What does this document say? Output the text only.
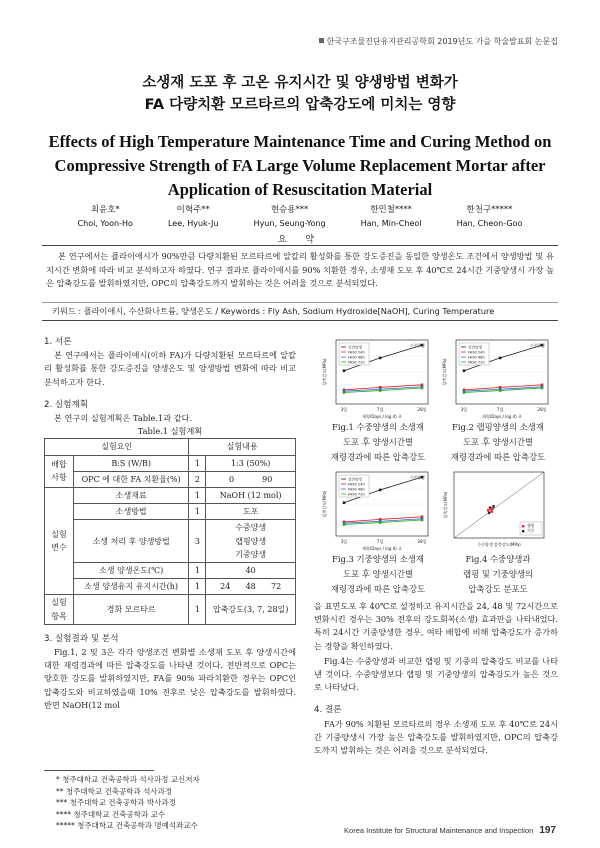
한국구조물진단유지관리공학회 2019년도 가을 학술발표회 논문집
소생재 도포 후 고온 유지시간 및 양생방법 변화가
FA 다량치환 모르타르의 압축강도에 미치는 영향
Effects of High Temperature Maintenance Time and Curing Method on
Compressive Strength of FA Large Volume Replacement Mortar after
Application of Resuscitation Material
최윤호*
Choi, Yoon-Ho
이혁주**
Lee, Hyuk-Ju
현승용***
Hyun, Seung-Yong
한민철****
Han, Min-Cheol
한천구*****
Han, Cheon-Goo
요 약
본 연구에서는 플라이애시가 90%만큼 다량치환된 모르타르에 알칼리 활성화를 통한 강도증진을 동일한 양생온도 조건에서 양생방법 및 유지시간 변화에 따라 비교 분석하고자 하였다. 연구 결과로 플라이애시를 90% 치환한 경우, 소생재 도포 후 40℃로 24시간 기중양생시 가장 높은 압축강도를 발휘하였지만, OPC의 압축강도까지 발휘하는 것은 어려울 것으로 분석되었다.
키워드 : 플라이애시, 수산화나트륨, 양생온도 / Keywords : Fly Ash, Sodium Hydroxide[NaOH], Curing Temperature
1. 서론
본 연구에서는 플라이애시(이하 FA)가 다량치환된 모르타르에 알칼리 활성화를 통한 강도증진을 양생온도 및 양생방법 변화에 따라 비교 분석하고자 한다.
2. 실험계획
본 연구의 실험계획은 Table.1과 같다.
Table.1 실험계획
실험요인		실험내용	
배합 사항	B:S (W/B)	1	1:3 (50%)
	OPC 에 대한 FA 치환율(%)	2	0 90
실험 변수	소생재료	1	NaOH (12 mol)
	소생방법	1	도포
	소생 처리 후 양생방법	3	수중양생
랩핑양생
기중양생

	소생 양생온도(℃)	1	40
	소생 양생유지 유지시간(h)	1	24 48 72
실험 항목	경화 모르타르	1	압축강도(3, 7, 28일)
3. 실험결과 및 분석
Fig.1, 2 및 3은 각각 양생조건 변화별 소생재 도포 후 양생시간에 대한 재령경과에 따른 압축강도를 나타낸 것이다. 전반적으로 OPC는 양호한 강도를 발휘하였지만, FA를 90% 파라치환한 경우는 OPC인 압축강도와 비교하였을때 10% 전후로 낮은 압축강도를 발휘하였다. 반면 NaOH(12 mol
* 청주대학교 건축공학과 석사과정 교신저자
** 청주대학교 건축공학과 석사과정
*** 청주대학교 건축공학과 박사과정
**** 청주대학교 건축공학과 교수
***** 청주대학교 건축공학과 명예석좌교수
일반양생
FA90 24h
FA90 48h
FA90 72h
수중양생
3일	7일	28일
재령(Days / log d) 초
압축강도(MPa)
일반양생
FA90 24h
FA90 48h
FA90 72h
수중양생
3일	7일	28일
재령(Days / log d) 초
압축강도(MPa)
Fig.1 수중양생의 소생재
도포 후 양생시간별
재령경과에 따른 압축강도
Fig.2 랩핑양생의 소생재
도포 후 양생시간별
재령경과에 따른 압축강도
일반양생
FA90 24h
FA90 48h
FA90 72h
수중양생
3일	7일	28일
재령(Days / log d) 초
압축강도(MPa)
랩핑
기중
수중양생 압축강도(MPa)
압축강도(MPa)
Fig.3 기중양생의 소생재
도포 후 양생시간별
재령경과에 따른 압축강도
Fig.4 수중양생과
랩핑 및 기중양생의
압축강도 분포도
을 표면도포 후 40℃로 설정하고 유지시간을 24, 48 및 72시간으로 변화시킨 경우는 30% 전후의 강도회복(소생) 효과만을 나타내었다. 특히 24시간 기중양생한 경우, 여타 배합에 비해 압축강도가 증가하는 경향을 확인하였다.
Fig.4는 수중양생과 비교한 랩핑 및 기중의 압축강도 비교를 나타낸 것이다. 수중양생보다 랩핑 및 기중양생의 압축강도가 높은 것으로 나타났다.
4. 결론
FA가 90% 치환된 모르타르의 경우 소생재 도포 후 40℃로 24시간 기중양생시 가장 높은 압축강도를 발휘하였지만, OPC의 압축강도까지 발휘하는 것은 어려울 것으로 분석되었다.
Korea Institute for Structural Maintenance and Inspection 197
